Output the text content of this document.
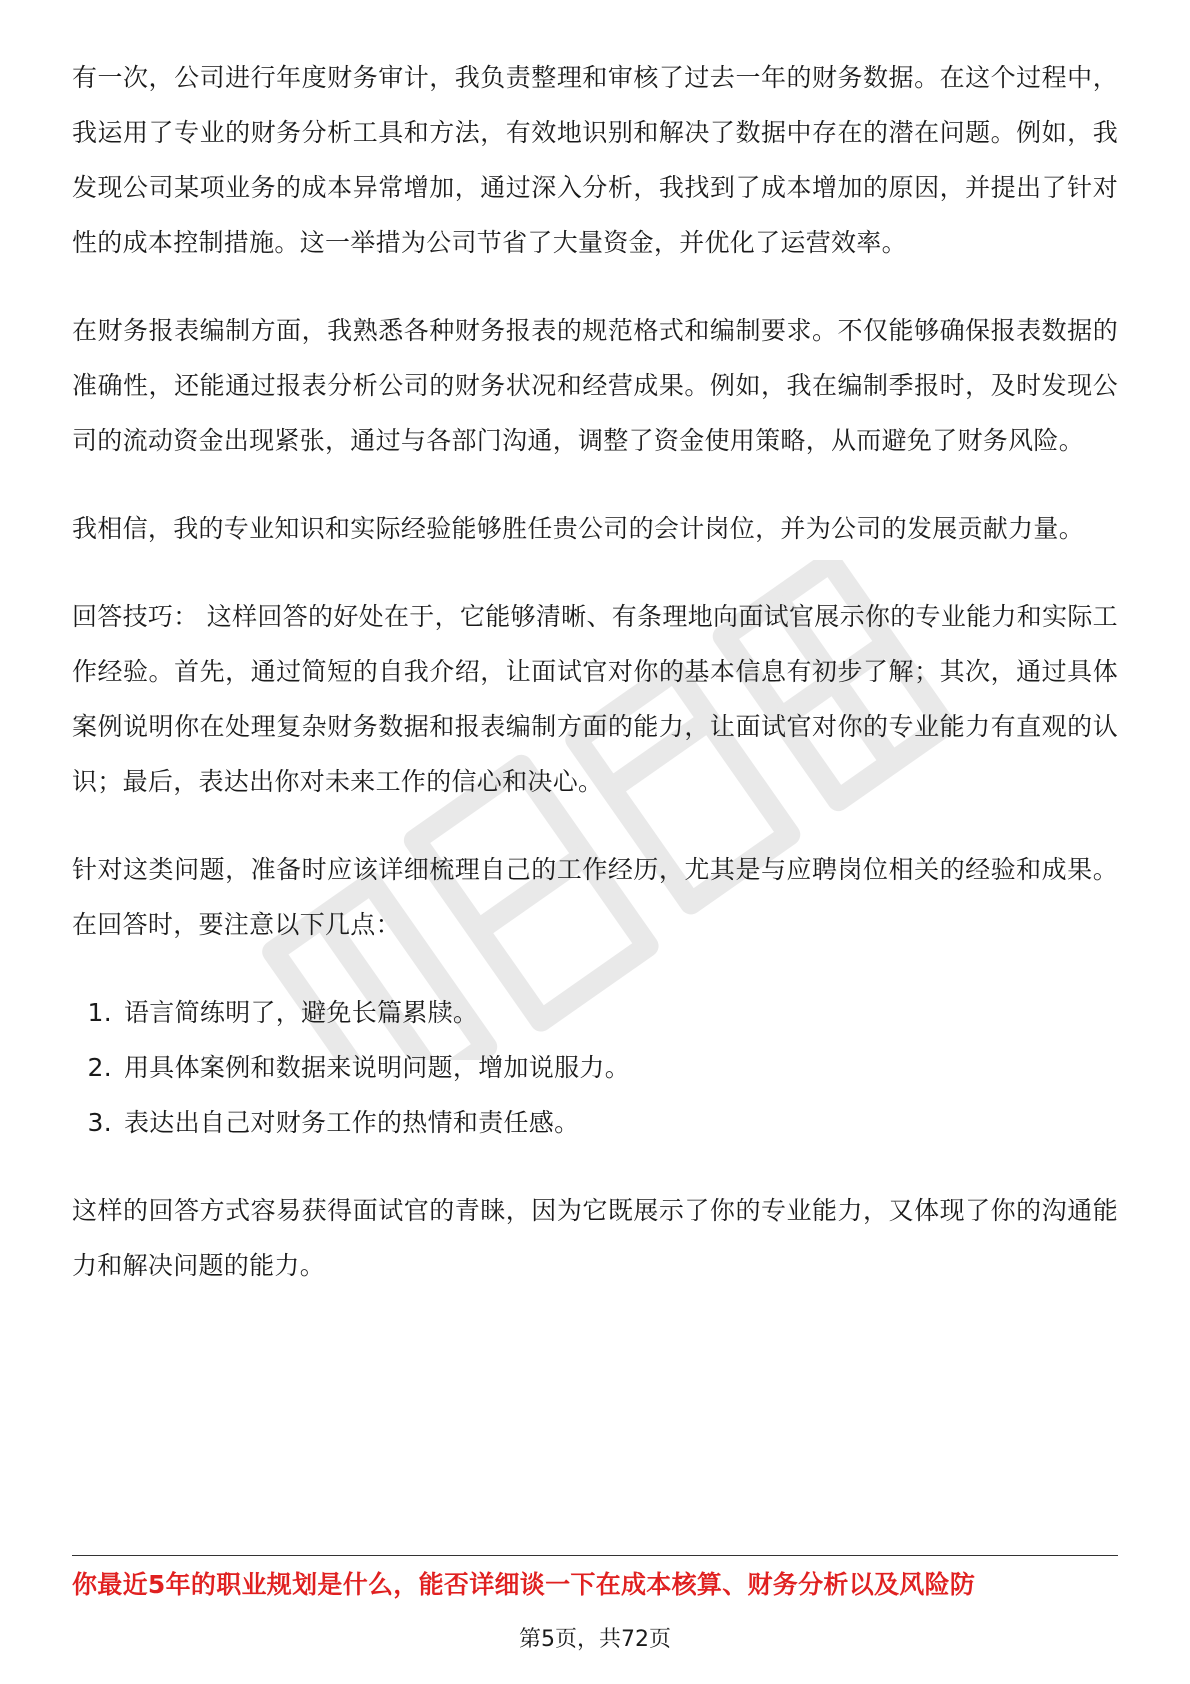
有一次，公司进行年度财务审计，我负责整理和审核了过去一年的财务数据。在这个过程中，我运用了专业的财务分析工具和方法，有效地识别和解决了数据中存在的潜在问题。例如，我发现公司某项业务的成本异常增加，通过深入分析，我找到了成本增加的原因，并提出了针对性的成本控制措施。这一举措为公司节省了大量资金，并优化了运营效率。

在财务报表编制方面，我熟悉各种财务报表的规范格式和编制要求。不仅能够确保报表数据的准确性，还能通过报表分析公司的财务状况和经营成果。例如，我在编制季报时，及时发现公司的流动资金出现紧张，通过与各部门沟通，调整了资金使用策略，从而避免了财务风险。

我相信，我的专业知识和实际经验能够胜任贵公司的会计岗位，并为公司的发展贡献力量。

回答技巧： 这样回答的好处在于，它能够清晰、有条理地向面试官展示你的专业能力和实际工作经验。首先，通过简短的自我介绍，让面试官对你的基本信息有初步了解；其次，通过具体案例说明你在处理复杂财务数据和报表编制方面的能力，让面试官对你的专业能力有直观的认识；最后，表达出你对未来工作的信心和决心。

针对这类问题，准备时应该详细梳理自己的工作经历，尤其是与应聘岗位相关的经验和成果。在回答时，要注意以下几点：

1. 语言简练明了，避免长篇累牍。
2. 用具体案例和数据来说明问题，增加说服力。
3. 表达出自己对财务工作的热情和责任感。

这样的回答方式容易获得面试官的青睐，因为它既展示了你的专业能力，又体现了你的沟通能力和解决问题的能力。

你最近5年的职业规划是什么，能否详细谈一下在成本核算、财务分析以及风险防
第5页，共72页
